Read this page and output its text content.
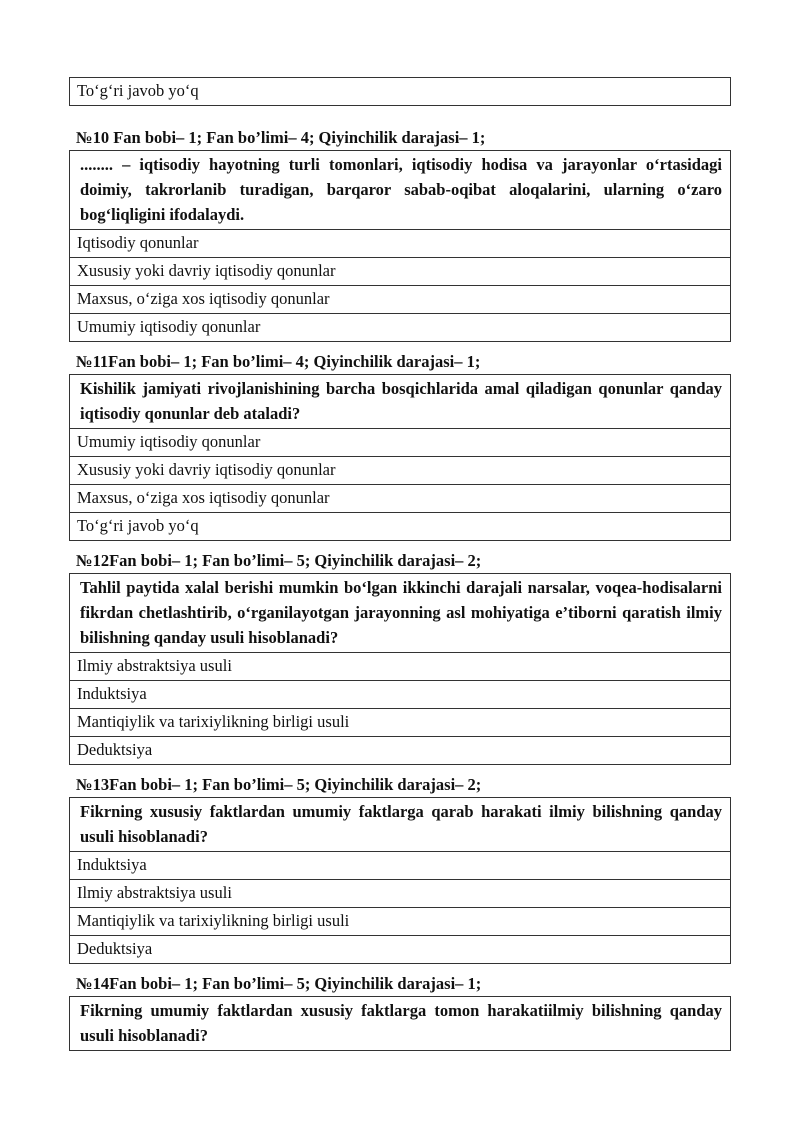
To‘g‘ri javob yo‘q
№10 Fan bobi– 1; Fan bo’limi– 4; Qiyinchilik darajasi– 1;
........ – iqtisodiy hayotning turli tomonlari, iqtisodiy hodisa va jarayonlar o‘rtasidagi doimiy, takrorlanib turadigan, barqaror sabab-oqibat aloqalarini, ularning o‘zaro bog‘liqligini ifodalaydi.
Iqtisodiy qonunlar
Xususiy yoki davriy iqtisodiy qonunlar
Maxsus, o‘ziga xos iqtisodiy qonunlar
Umumiy iqtisodiy qonunlar
№11Fan bobi– 1; Fan bo’limi– 4; Qiyinchilik darajasi– 1;
Kishilik jamiyati rivojlanishining barcha bosqichlarida amal qiladigan qonunlar qanday iqtisodiy qonunlar deb ataladi?
Umumiy iqtisodiy qonunlar
Xususiy yoki davriy iqtisodiy qonunlar
Maxsus, o‘ziga xos iqtisodiy qonunlar
To‘g‘ri javob yo‘q
№12Fan bobi– 1; Fan bo’limi– 5; Qiyinchilik darajasi– 2;
Tahlil paytida xalal berishi mumkin bo‘lgan ikkinchi darajali narsalar, voqea-hodisalarni fikrdan chetlashtirib, o‘rganilayotgan jarayonning asl mohiyatiga e’tiborni qaratish ilmiy bilishning qanday usuli hisoblanadi?
Ilmiy abstraktsiya usuli
Induktsiya
Mantiqiylik va tarixiylikning birligi usuli
Deduktsiya
№13Fan bobi– 1; Fan bo’limi– 5; Qiyinchilik darajasi– 2;
Fikrning xususiy faktlardan umumiy faktlarga qarab harakati ilmiy bilishning qanday usuli hisoblanadi?
Induktsiya
Ilmiy abstraktsiya usuli
Mantiqiylik va tarixiylikning birligi usuli
Deduktsiya
№14Fan bobi– 1; Fan bo’limi– 5; Qiyinchilik darajasi– 1;
Fikrning umumiy faktlardan xususiy faktlarga tomon harakatiilmiy bilishning qanday usuli hisoblanadi?
